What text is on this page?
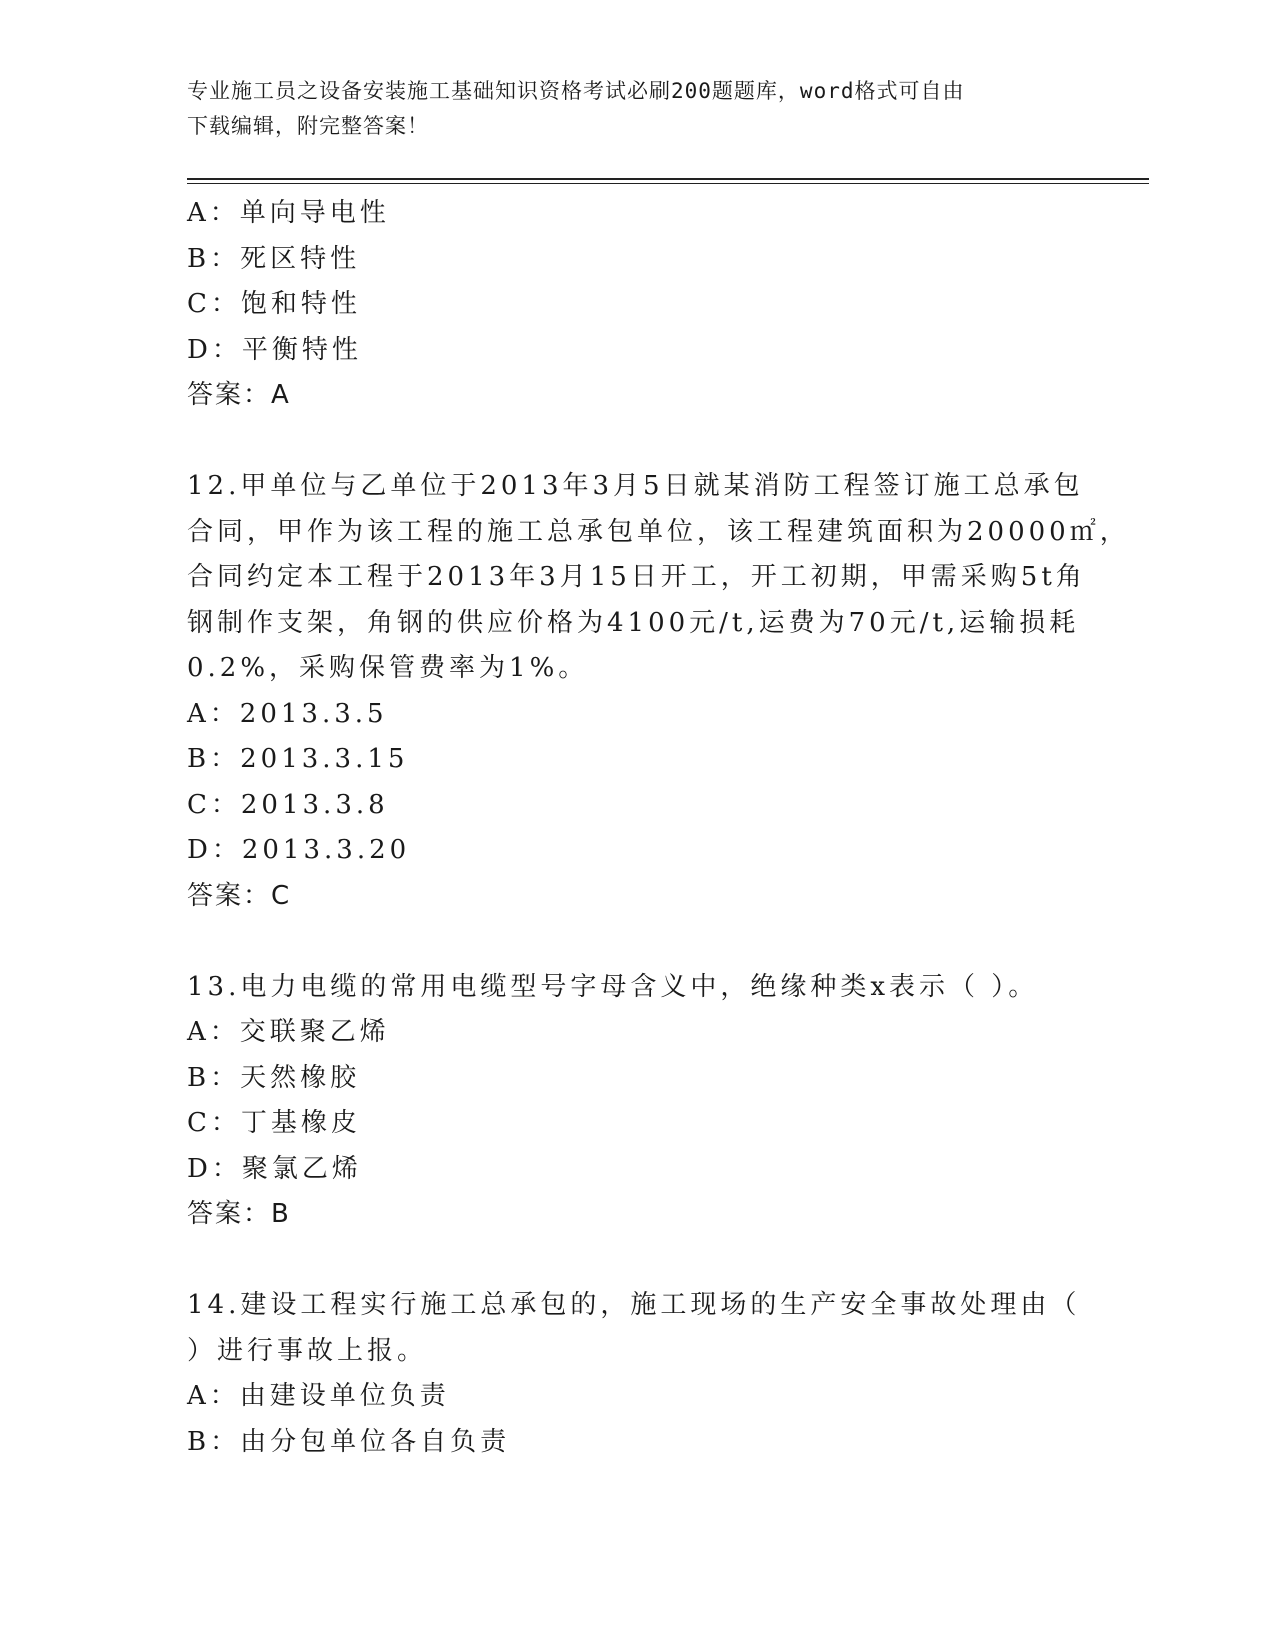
专业施工员之设备安装施工基础知识资格考试必刷200题题库，word格式可自由
下载编辑，附完整答案！
A：单向导电性
B：死区特性
C：饱和特性
D：平衡特性
答案：A
12.甲单位与乙单位于2013年3月5日就某消防工程签订施工总承包
合同，甲作为该工程的施工总承包单位，该工程建筑面积为20000㎡，
合同约定本工程于2013年3月15日开工，开工初期，甲需采购5t角
钢制作支架，角钢的供应价格为4100元/t,运费为70元/t,运输损耗
0.2%，采购保管费率为1%。
A：2013.3.5
B：2013.3.15
C：2013.3.8
D：2013.3.20
答案：C
13.电力电缆的常用电缆型号字母含义中，绝缘种类x表示（ ）。
A：交联聚乙烯
B：天然橡胶
C：丁基橡皮
D：聚氯乙烯
答案：B
14.建设工程实行施工总承包的，施工现场的生产安全事故处理由（
）进行事故上报。
A：由建设单位负责
B：由分包单位各自负责
